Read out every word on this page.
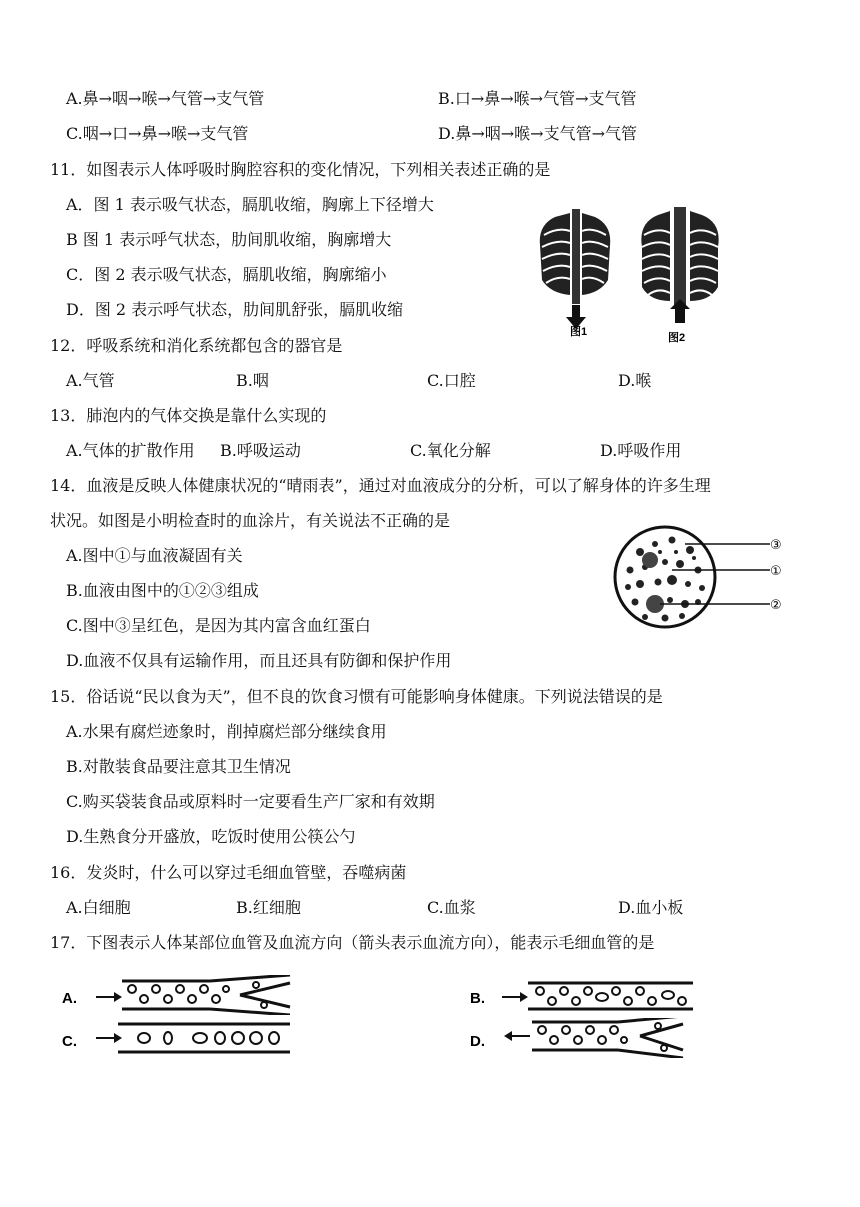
A.鼻→咽→喉→气管→支气管	B.口→鼻→喉→气管→支气管
C.咽→口→鼻→喉→支气管	D.鼻→咽→喉→支气管→气管
11．如图表示人体呼吸时胸腔容积的变化情况，下列相关表述正确的是
A．图 1 表示吸气状态，膈肌收缩，胸廓上下径增大
B 图 1 表示呼气状态，肋间肌收缩，胸廓增大
C．图 2 表示吸气状态，膈肌收缩，胸廓缩小
D．图 2 表示呼气状态，肋间肌舒张，膈肌收缩
图1	图2
12．呼吸系统和消化系统都包含的器官是
A.气管	B.咽	C.口腔	D.喉
13．肺泡内的气体交换是靠什么实现的
A.气体的扩散作用 B.呼吸运动	C.氧化分解	D.呼吸作用
14．血液是反映人体健康状况的“晴雨表”，通过对血液成分的分析，可以了解身体的许多生理
状况。如图是小明检查时的血涂片，有关说法不正确的是
A.图中①与血液凝固有关
B.血液由图中的①②③组成
C.图中③呈红色，是因为其内富含血红蛋白
D.血液不仅具有运输作用，而且还具有防御和保护作用
③
①
②
15．俗话说“民以食为天”，但不良的饮食习惯有可能影响身体健康。下列说法错误的是
A.水果有腐烂迹象时，削掉腐烂部分继续食用
B.对散装食品要注意其卫生情况
C.购买袋装食品或原料时一定要看生产厂家和有效期
D.生熟食分开盛放，吃饭时使用公筷公勺
16．发炎时，什么可以穿过毛细血管壁，吞噬病菌
A.白细胞	B.红细胞	C.血浆	D.血小板
17．下图表示人体某部位血管及血流方向（箭头表示血流方向），能表示毛细血管的是
A.	B.
C.	D.
